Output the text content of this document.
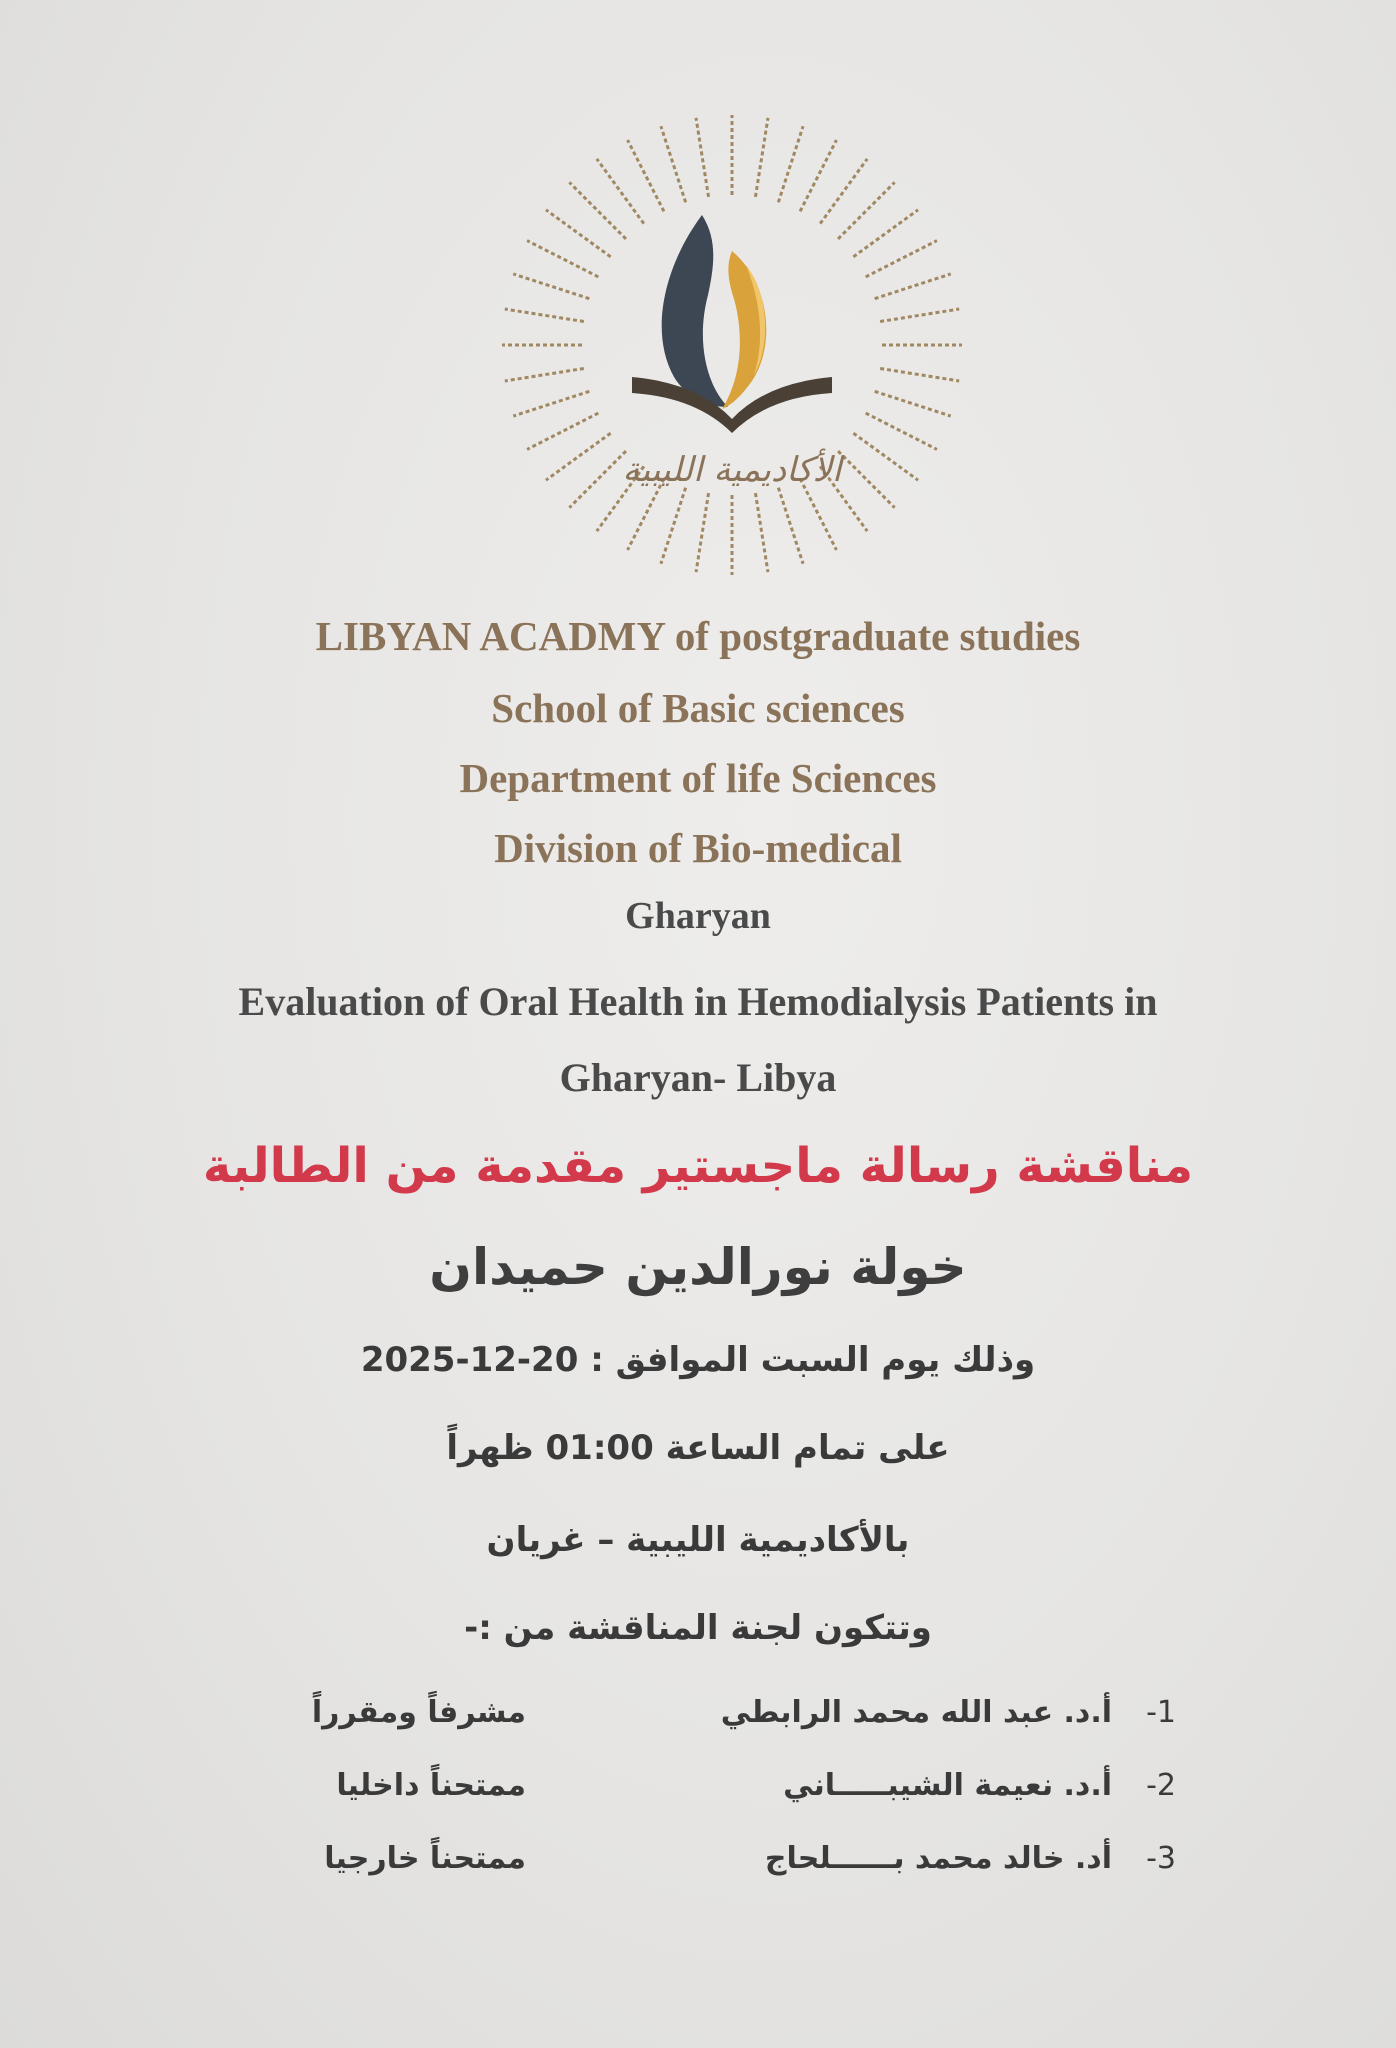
الأكاديمية الليبية
LIBYAN ACADMY of postgraduate studies
School of Basic sciences
Department of life Sciences
Division of Bio-medical
Gharyan
Evaluation of Oral Health in Hemodialysis Patients in
Gharyan- Libya
مناقشة رسالة ماجستير مقدمة من الطالبة
خولة نورالدين حميدان
وذلك يوم السبت الموافق : 20-12-2025
على تمام الساعة 01:00 ظهراً
بالأكاديمية الليبية – غريان
وتتكون لجنة المناقشة من :-
-1
أ.د. عبد الله محمد الرابطي
مشرفاً ومقرراً
-2
أ.د. نعيمة الشيبـــــاني
ممتحناً داخليا
-3
أد. خالد محمد بــــــلحاج
ممتحناً خارجيا
